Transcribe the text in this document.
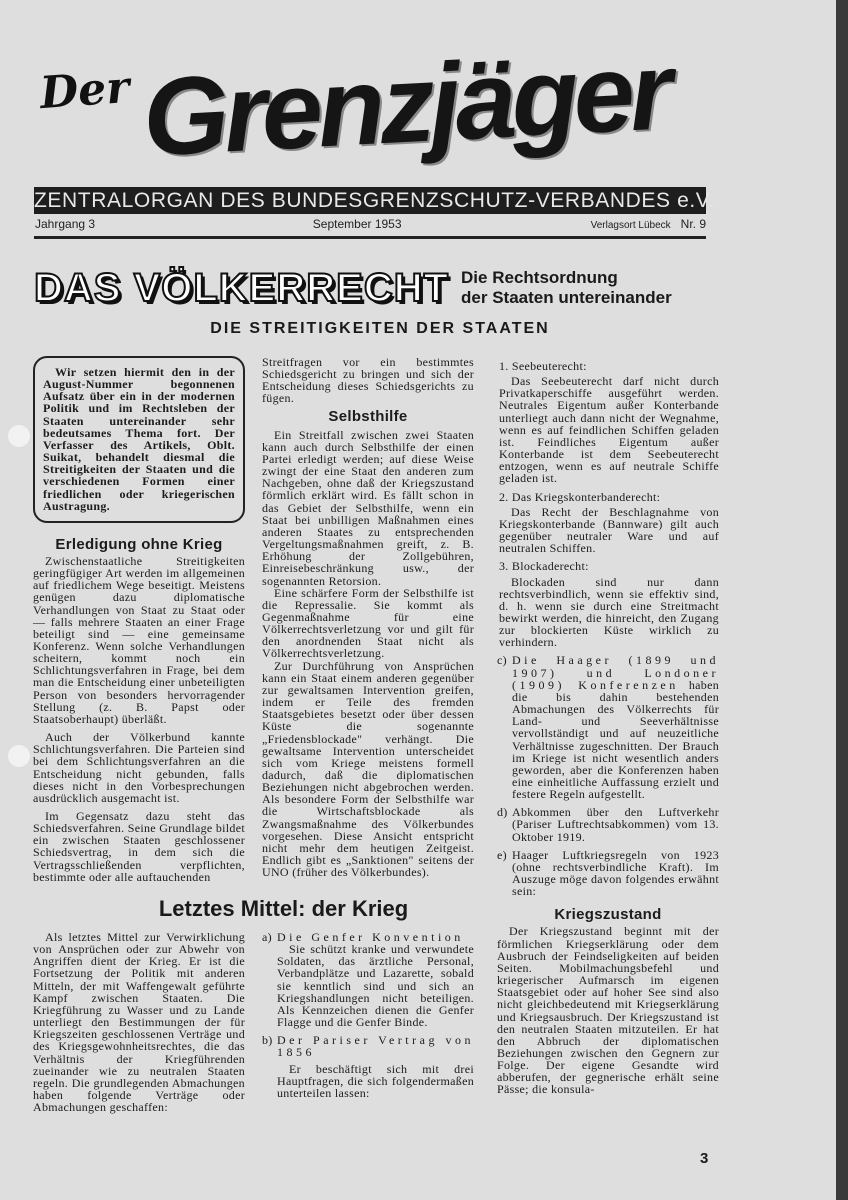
Der Grenzjäger
ZENTRALORGAN DES BUNDESGRENZSCHUTZ-VERBANDES e.V.
Jahrgang 3	September 1953	Verlagsort Lübeck Nr. 9
DAS VÖLKERRECHT Die Rechtsordnung
der Staaten untereinander
DIE STREITIGKEITEN DER STAATEN

Wir setzen hiermit den in der August-Nummer begonnenen Aufsatz über ein in der modernen Politik und im Rechtsleben der Staaten untereinander sehr bedeutsames Thema fort. Der Verfasser des Artikels, Oblt. Suikat, behandelt diesmal die Streitigkeiten der Staaten und die verschiedenen Formen einer friedlichen oder kriegerischen Austragung.

Erledigung ohne Krieg

Zwischenstaatliche Streitigkeiten geringfügiger Art werden im allgemeinen auf friedlichem Wege beseitigt. Meistens genügen dazu diplomatische Verhandlungen von Staat zu Staat oder — falls mehrere Staaten an einer Frage beteiligt sind — eine gemeinsame Konferenz. Wenn solche Verhandlungen scheitern, kommt noch ein Schlichtungsverfahren in Frage, bei dem man die Entscheidung einer unbeteiligten Person von besonders hervorragender Stellung (z. B. Papst oder Staatsoberhaupt) überläßt.

Auch der Völkerbund kannte Schlichtungsverfahren. Die Parteien sind bei dem Schlichtungsverfahren an die Entscheidung nicht gebunden, falls dieses nicht in den Vorbesprechungen ausdrücklich ausgemacht ist.

Im Gegensatz dazu steht das Schiedsverfahren. Seine Grundlage bildet ein zwischen Staaten geschlossener Schiedsvertrag, in dem sich die Vertragsschließenden verpflichten, bestimmte oder alle auftauchenden

Streitfragen vor ein bestimmtes Schiedsgericht zu bringen und sich der Entscheidung dieses Schiedsgerichts zu fügen.

Selbsthilfe

Ein Streitfall zwischen zwei Staaten kann auch durch Selbsthilfe der einen Partei erledigt werden; auf diese Weise zwingt der eine Staat den anderen zum Nachgeben, ohne daß der Kriegszustand förmlich erklärt wird. Es fällt schon in das Gebiet der Selbsthilfe, wenn ein Staat bei unbilligen Maßnahmen eines anderen Staates zu entsprechenden Vergeltungsmaßnahmen greift, z. B. Erhöhung der Zollgebühren, Einreisebeschränkung usw., der sogenannten Retorsion.

Eine schärfere Form der Selbsthilfe ist die Repressalie. Sie kommt als Gegenmaßnahme für eine Völkerrechtsverletzung vor und gilt für den anordnenden Staat nicht als Völkerrechtsverletzung.

Zur Durchführung von Ansprüchen kann ein Staat einem anderen gegenüber zur gewaltsamen Intervention greifen, indem er Teile des fremden Staatsgebietes besetzt oder über dessen Küste die sogenannte „Friedensblockade" verhängt. Die gewaltsame Intervention unterscheidet sich vom Kriege meistens formell dadurch, daß die diplomatischen Beziehungen nicht abgebrochen werden. Als besondere Form der Selbsthilfe war die Wirtschaftsblockade als Zwangsmaßnahme des Völkerbundes vorgesehen. Diese Ansicht entspricht nicht mehr dem heutigen Zeitgeist. Endlich gibt es „Sanktionen" seitens der UNO (früher des Völkerbundes).

Letztes Mittel: der Krieg

Als letztes Mittel zur Verwirklichung von Ansprüchen oder zur Abwehr von Angriffen dient der Krieg. Er ist die Fortsetzung der Politik mit anderen Mitteln, der mit Waffengewalt geführte Kampf zwischen Staaten. Die Kriegführung zu Wasser und zu Lande unterliegt den Bestimmungen der für Kriegszeiten geschlossenen Verträge und des Kriegsgewohnheitsrechtes, die das Verhältnis der Kriegführenden zueinander wie zu neutralen Staaten regeln. Die grundlegenden Abmachungen haben folgende Verträge oder Abmachungen geschaffen:

a) Die Genfer Konvention

Sie schützt kranke und verwundete Soldaten, das ärztliche Personal, Verbandplätze und Lazarette, sobald sie kenntlich sind und sich an Kriegshandlungen nicht beteiligen. Als Kennzeichen dienen die Genfer Flagge und die Genfer Binde.

b) Der Pariser Vertrag von 1856

Er beschäftigt sich mit drei Hauptfragen, die sich folgendermaßen unterteilen lassen:

1. Seebeuterecht:

Das Seebeuterecht darf nicht durch Privatkaperschiffe ausgeführt werden. Neutrales Eigentum außer Konterbande unterliegt auch dann nicht der Wegnahme, wenn es auf feindlichen Schiffen geladen ist. Feindliches Eigentum außer Konterbande ist dem Seebeuterecht entzogen, wenn es auf neutrale Schiffe geladen ist.

2. Das Kriegskonterbanderecht:

Das Recht der Beschlagnahme von Kriegskonterbande (Bannware) gilt auch gegenüber neutraler Ware und auf neutralen Schiffen.

3. Blockaderecht:

Blockaden sind nur dann rechtsverbindlich, wenn sie effektiv sind, d. h. wenn sie durch eine Streitmacht bewirkt werden, die hinreicht, den Zugang zur blockierten Küste wirklich zu verhindern.

c) Die Haager (1899 und 1907) und Londoner (1909) Konferenzen haben die bis dahin bestehenden Abmachungen des Völkerrechts für Land- und Seeverhältnisse vervollständigt und auf neuzeitliche Verhältnisse zugeschnitten. Der Brauch im Kriege ist nicht wesentlich anders geworden, aber die Konferenzen haben eine einheitliche Auffassung erzielt und festere Regeln aufgestellt.

d) Abkommen über den Luftverkehr (Pariser Luftrechtsabkommen) vom 13. Oktober 1919.

e) Haager Luftkriegsregeln von 1923 (ohne rechtsverbindliche Kraft). Im Auszuge möge davon folgendes erwähnt sein:

Kriegszustand

Der Kriegszustand beginnt mit der förmlichen Kriegserklärung oder dem Ausbruch der Feindseligkeiten auf beiden Seiten. Mobilmachungsbefehl und kriegerischer Aufmarsch im eigenen Staatsgebiet oder auf hoher See sind also nicht gleichbedeutend mit Kriegserklärung und Kriegsausbruch. Der Kriegszustand ist den neutralen Staaten mitzuteilen. Er hat den Abbruch der diplomatischen Beziehungen zwischen den Gegnern zur Folge. Der eigene Gesandte wird abberufen, der gegnerische erhält seine Pässe; die konsula-

3
